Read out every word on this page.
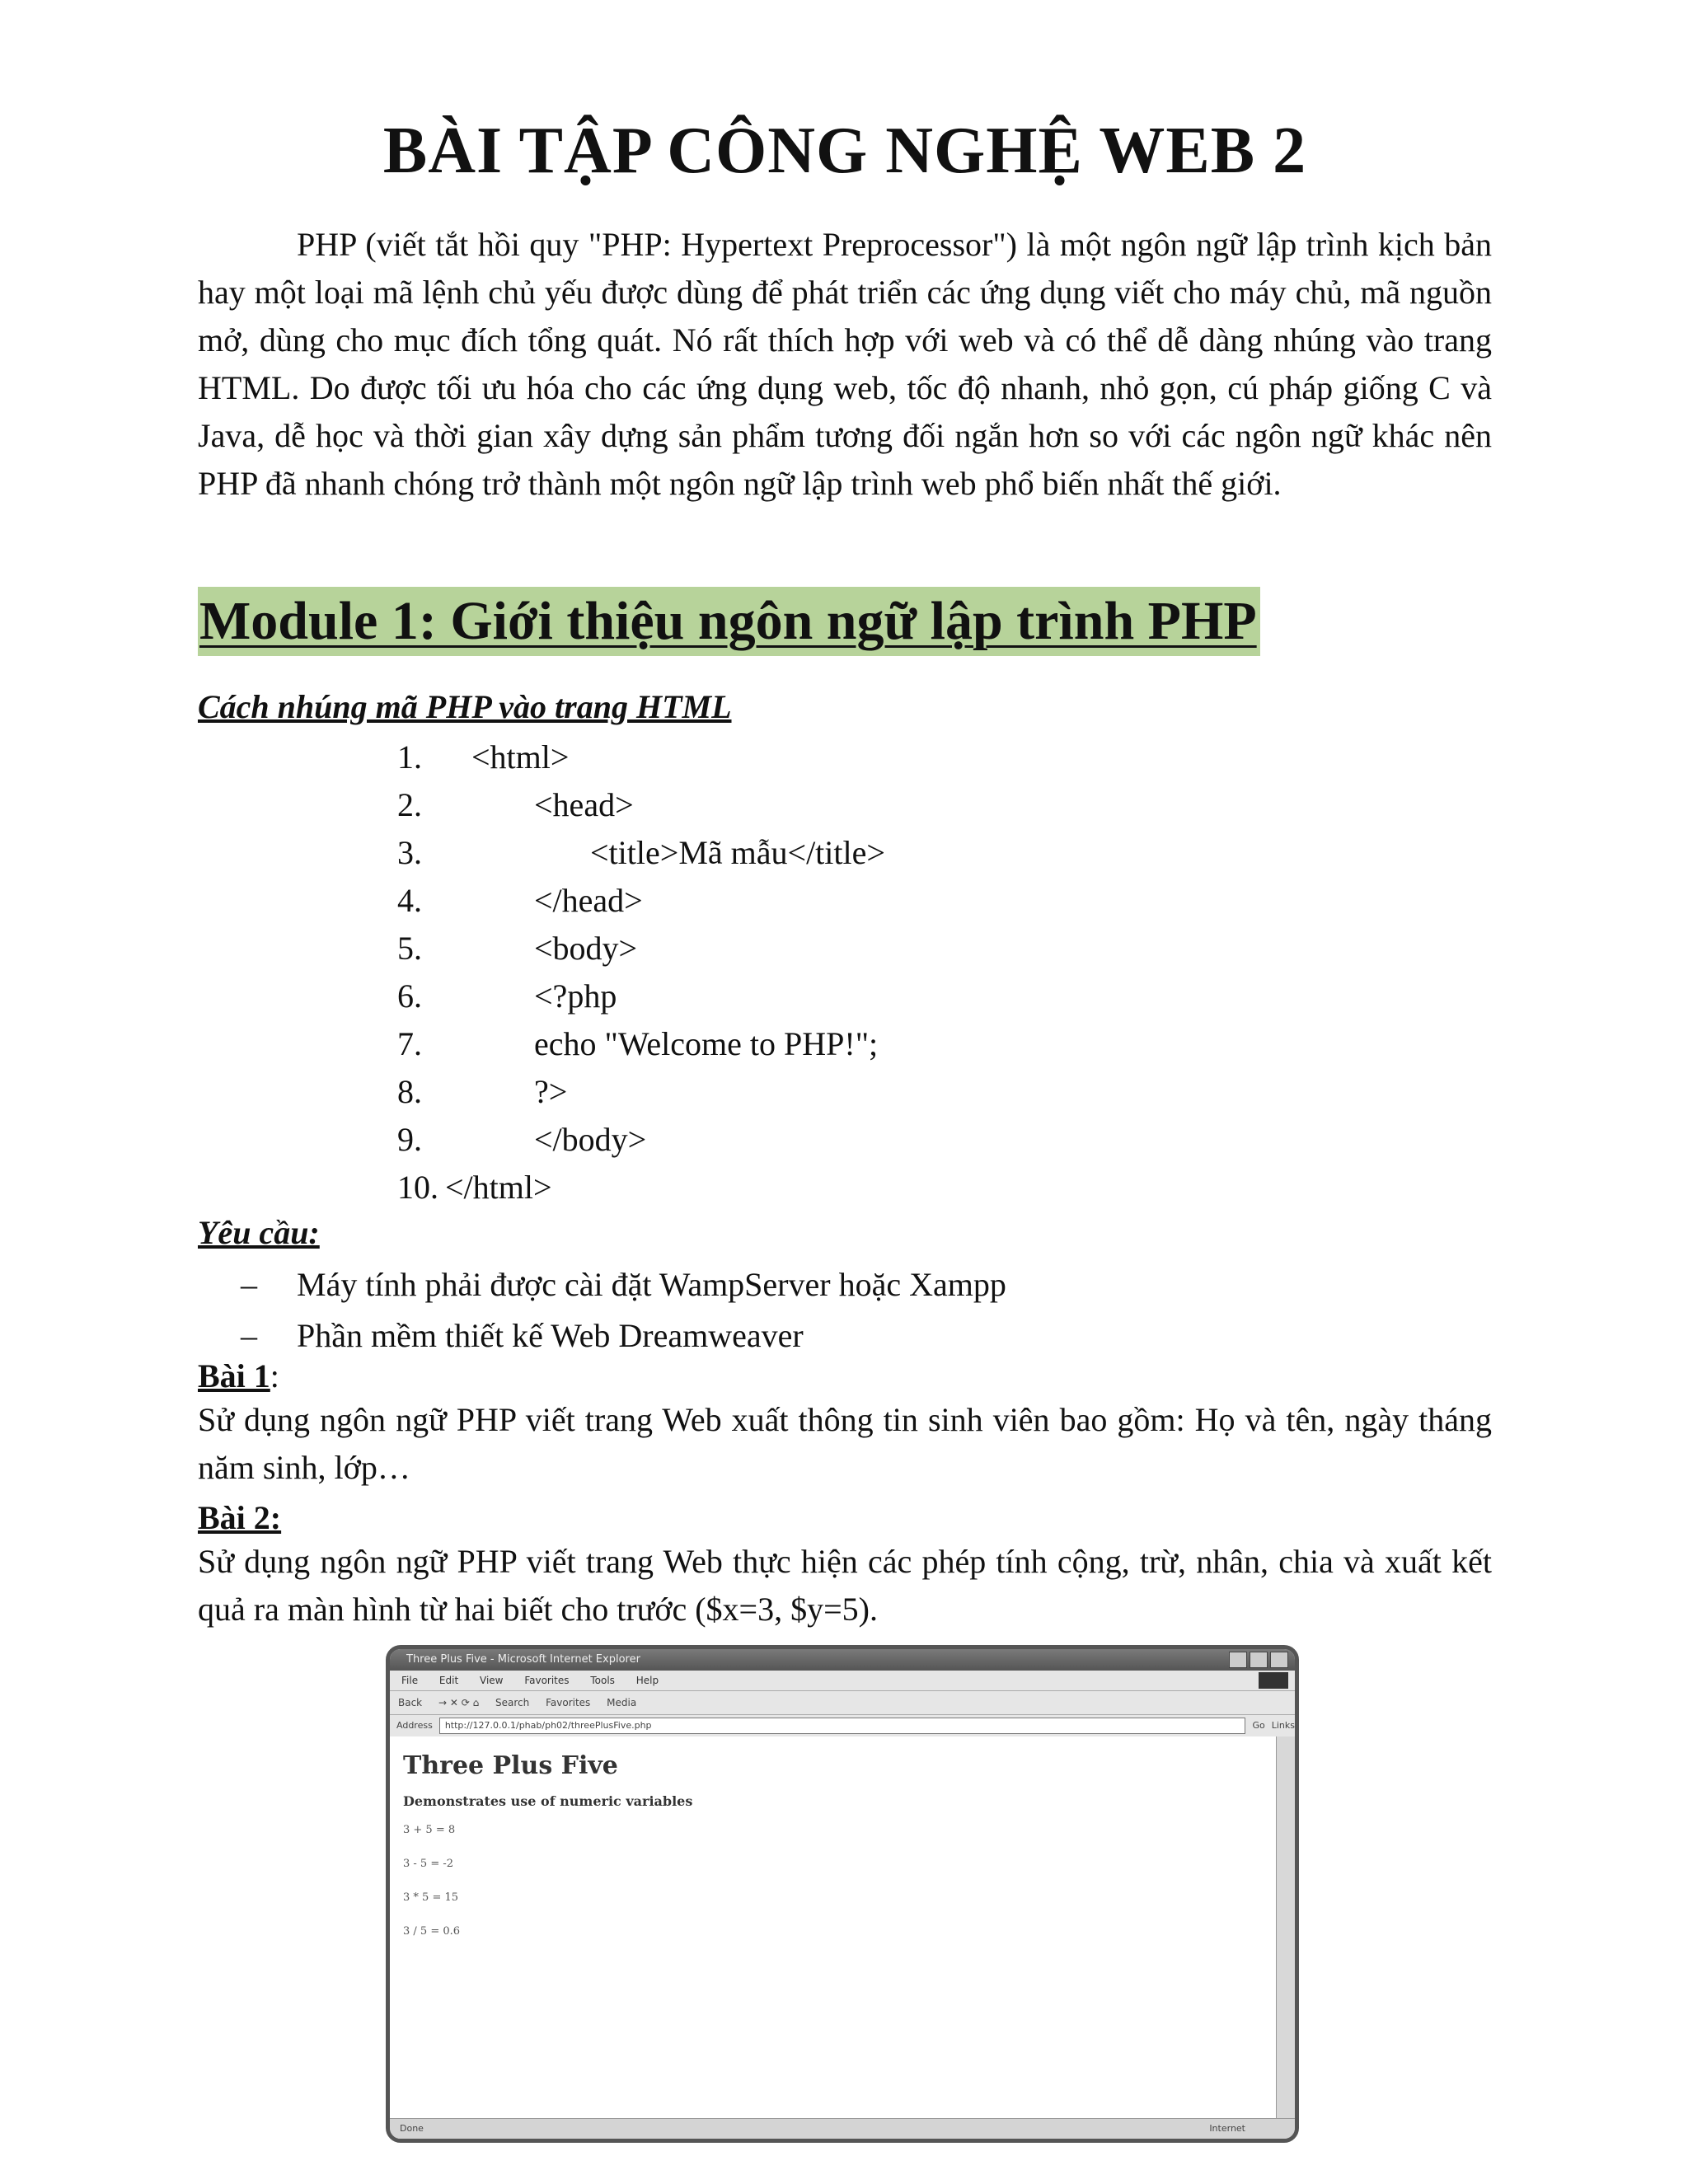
BÀI TẬP CÔNG NGHỆ WEB 2

PHP (viết tắt hồi quy "PHP: Hypertext Preprocessor") là một ngôn ngữ lập trình kịch bản hay một loại mã lệnh chủ yếu được dùng để phát triển các ứng dụng viết cho máy chủ, mã nguồn mở, dùng cho mục đích tổng quát. Nó rất thích hợp với web và có thể dễ dàng nhúng vào trang HTML. Do được tối ưu hóa cho các ứng dụng web, tốc độ nhanh, nhỏ gọn, cú pháp giống C và Java, dễ học và thời gian xây dựng sản phẩm tương đối ngắn hơn so với các ngôn ngữ khác nên PHP đã nhanh chóng trở thành một ngôn ngữ lập trình web phổ biến nhất thế giới.

Module 1: Giới thiệu ngôn ngữ lập trình PHP

Cách nhúng mã PHP vào trang HTML

1. <html>
2.	<head>
3.	<title>Mã mẫu</title>
4.	</head>
5.	<body>
6.	<?php
7.	echo "Welcome to PHP!";
8.	?>
9.	</body>
10. </html>

Yêu cầu:

– Máy tính phải được cài đặt WampServer hoặc Xampp
– Phần mềm thiết kế Web Dreamweaver

Bài 1:

Sử dụng ngôn ngữ PHP viết trang Web xuất thông tin sinh viên bao gồm: Họ và tên, ngày tháng năm sinh, lớp…

Bài 2:

Sử dụng ngôn ngữ PHP viết trang Web thực hiện các phép tính cộng, trừ, nhân, chia và xuất kết quả ra màn hình từ hai biết cho trước ($x=3, $y=5).

Three Plus Five - Microsoft Internet Explorer
File Edit View Favorites Tools Help
Back → ✕ ⟳ ⌂ Search Favorites Media
Address	http://127.0.0.1/phab/ph02/threePlusFive.php	Go Links

Three Plus Five

Demonstrates use of numeric variables

3 + 5 = 8

3 - 5 = -2

3 * 5 = 15

3 / 5 = 0.6

Done	Internet
